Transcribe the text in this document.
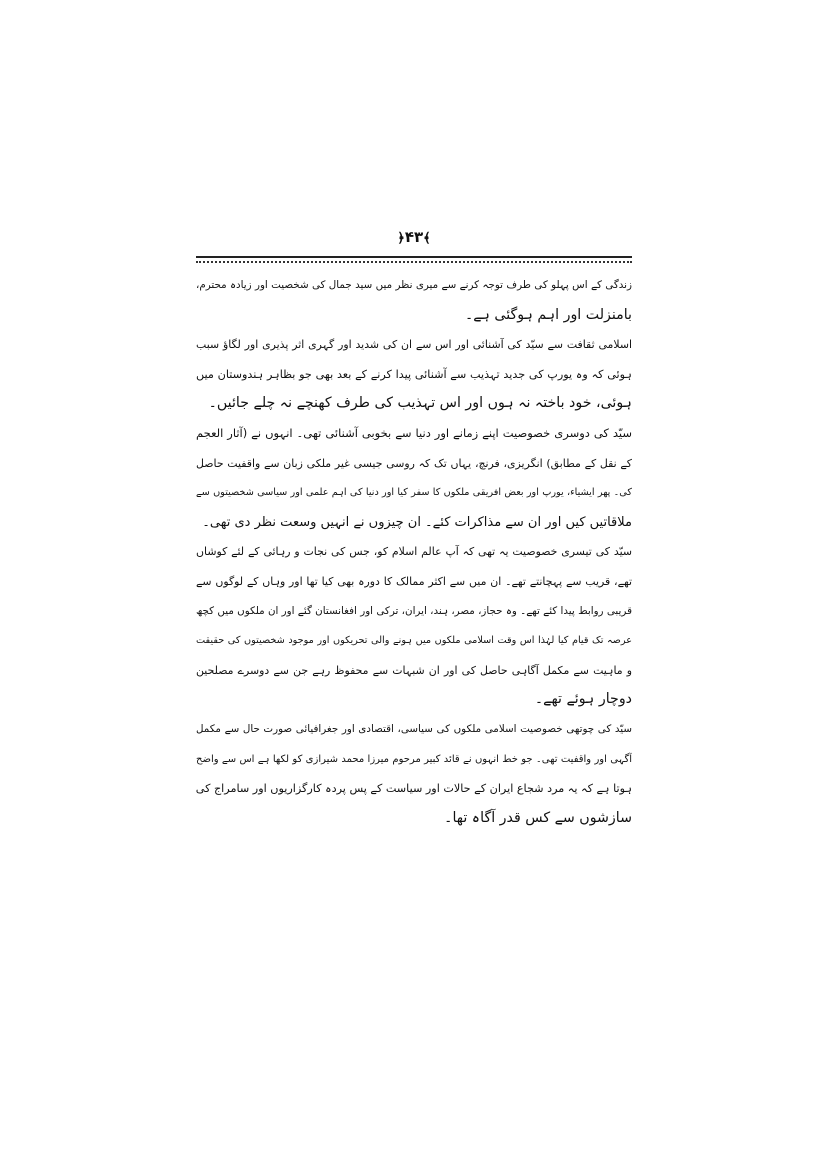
﴾۴۳﴿
زندگی کے اس پہلو کی طرف توجہ کرنے سے میری نظر میں سید جمال کی شخصیت اور زیادہ محترم،
بامنزلت اور اہم ہوگئی ہے۔
اسلامی ثقافت سے سیّد کی آشنائی اور اس سے ان کی شدید اور گہری اثر پذیری اور لگاؤ سبب
ہوئی کہ وہ یورپ کی جدید تہذیب سے آشنائی پیدا کرنے کے بعد بھی جو بظاہر ہندوستان میں
ہوئی، خود باختہ نہ ہوں اور اس تہذیب کی طرف کھنچے نہ چلے جائیں۔
سیّد کی دوسری خصوصیت اپنے زمانے اور دنیا سے بخوبی آشنائی تھی۔ انہوں نے (آثار العجم
کے نقل کے مطابق) انگریزی، فرنچ، یہاں تک کہ روسی جیسی غیر ملکی زبان سے واقفیت حاصل
کی۔ پھر ایشیاء، یورپ اور بعض افریقی ملکوں کا سفر کیا اور دنیا کی اہم علمی اور سیاسی شخصیتوں سے
ملاقاتیں کیں اور ان سے مذاکرات کئے۔ ان چیزوں نے انہیں وسعت نظر دی تھی۔
سیّد کی تیسری خصوصیت یہ تھی کہ آپ عالم اسلام کو، جس کی نجات و رہائی کے لئے کوشاں
تھے، قریب سے پہچانتے تھے۔ ان میں سے اکثر ممالک کا دورہ بھی کیا تھا اور وہاں کے لوگوں سے
قریبی روابط پیدا کئے تھے۔ وہ حجاز، مصر، ہند، ایران، ترکی اور افغانستان گئے اور ان ملکوں میں کچھ
عرصہ تک قیام کیا لہٰذا اس وقت اسلامی ملکوں میں ہونے والی تحریکوں اور موجود شخصیتوں کی حقیقت
و ماہیت سے مکمل آگاہی حاصل کی اور ان شبہات سے محفوظ رہے جن سے دوسرے مصلحین
دوچار ہوئے تھے۔
سیّد کی چوتھی خصوصیت اسلامی ملکوں کی سیاسی، اقتصادی اور جغرافیائی صورت حال سے مکمل
آگہی اور واقفیت تھی۔ جو خط انہوں نے قائد کبیر مرحوم میرزا محمد شیرازی کو لکھا ہے اس سے واضح
ہوتا ہے کہ یہ مرد شجاع ایران کے حالات اور سیاست کے پس پردہ کارگزاریوں اور سامراج کی
سازشوں سے کس قدر آگاہ تھا۔
